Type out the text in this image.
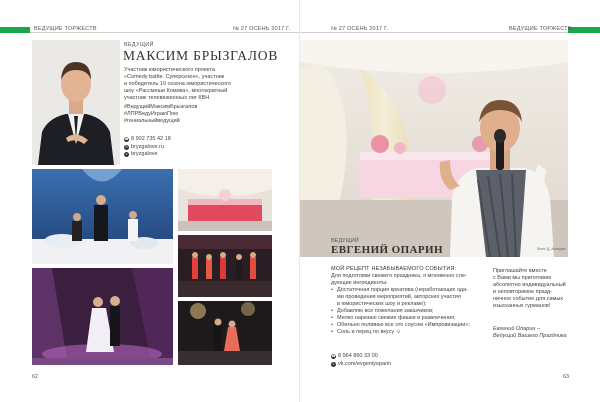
ВЕДУЩИЕ ТОРЖЕСТВ	№ 27 ОСЕНЬ 2017 Г.
ВЕДУЩИЙ
МАКСИМ БРЫЗГАЛОВ
Участник юмористического проекта
«Comedy battle. Суперсезон», участник
и победитель 10 сезона юмористического
шоу «Рассмеши Комика», многократный
участник телевизионных лиг КВН.
#ВедущийМаксимБрызгалов
#ЛПРВедуИграюПою
#гениальныйведущий
☎ 8 902 735 42 18
S bryzgalove.ru
v bryzgalove
62
№ 27 ОСЕНЬ 2017 Г.	ВЕДУЩИЕ ТОРЖЕСТВ
63
Фото: Д. Ахмедов
ВЕДУЩИЙ
ЕВГЕНИЙ ОПАРИН
МОЙ РЕЦЕПТ НЕЗАБЫВАЕМОГО СОБЫТИЯ:
Для подготовки свежего праздника, я мгновенно сле-
дующие ингредиенты:
• Достаточная порция креатива (неработающих ода-
ми проведения мероприятий, авторских участия
в юмористических шоу и рекламе);
• Добавляю все пожелания заказчиков;
• Мелко нарезаю свежие фишки и развлечения;
• Обильно поливаю все это соусом «Импровизации»;
• Соль и перец по вкусу ☺
Приглашайте вместе
с Вами мы приготовим
абсолютно индивидуальный
и неповторимое празд-
ничное событие для самых
изысканных гурманов!
Евгений Опарин –
Ведущий Вашего Праздника
☎ 8 964 860 33 00
v vk.com/evgeniyoparin
